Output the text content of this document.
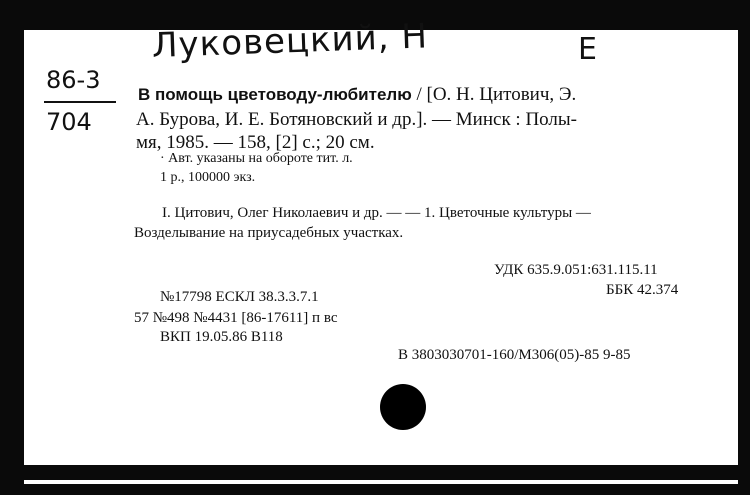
Луковецкий, Н	Е
86-3
704
В помощь цветоводу-любителю / [О. Н. Цитович, Э.
А. Бурова, И. Е. Ботяновский и др.]. — Минск : Полы-
мя, 1985. — 158, [2] с.; 20 см.
· Авт. указаны на обороте тит. л.
1 р., 100000 экз.
I. Цитович, Олег Николаевич и др. — — 1. Цветочные культуры —
Возделывание на приусадебных участках.
УДК 635.9.051:631.115.11
ББК 42.374
№17798 ЕСКЛ 38.3.3.7.1
57 №498 №4431 [86-17611] п вс
ВКП 19.05.86 В118
В 3803030701-160/М306(05)-85 9-85
